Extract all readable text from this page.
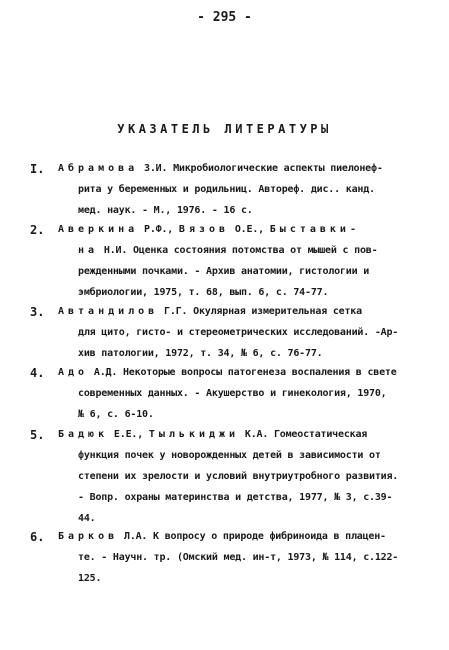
- 295 -
УКАЗАТЕЛЬ ЛИТЕРАТУРЫ
I. Абрамова З.И. Микробиологические аспекты пиелонеф-
рита у беременных и родильниц. Автореф. дис.. канд.
мед. наук. - М., 1976. - 16 с.
2. Аверкина Р.Ф., Вязов О.Е., Быставки-
на Н.И. Оценка состояния потомства от мышей с пов-
режденными почками. - Архив анатомии, гистологии и
эмбриологии, 1975, т. 68, вып. 6, с. 74-77.
3. Автандилов Г.Г. Окулярная измерительная сетка
для цито, гисто- и стереометрических исследований. -Ар-
хив патологии, 1972, т. 34, № 6, с. 76-77.
4. Адо А.Д. Некоторые вопросы патогенеза воспаления в свете
современных данных. - Акушерство и гинекология, 1970,
№ 6, с. 6-10.
5. Бадюк Е.Е., Тылькиджи К.А. Гомеостатическая
функция почек у новорожденных детей в зависимости от
степени их зрелости и условий внутриутробного развития.
- Вопр. охраны материнства и детства, 1977, № 3, с.39-
44.
6. Барков Л.А. К вопросу о природе фибриноида в плацен-
те. - Научн. тр. (Омский мед. ин-т, 1973, № 114, с.122-
125.
